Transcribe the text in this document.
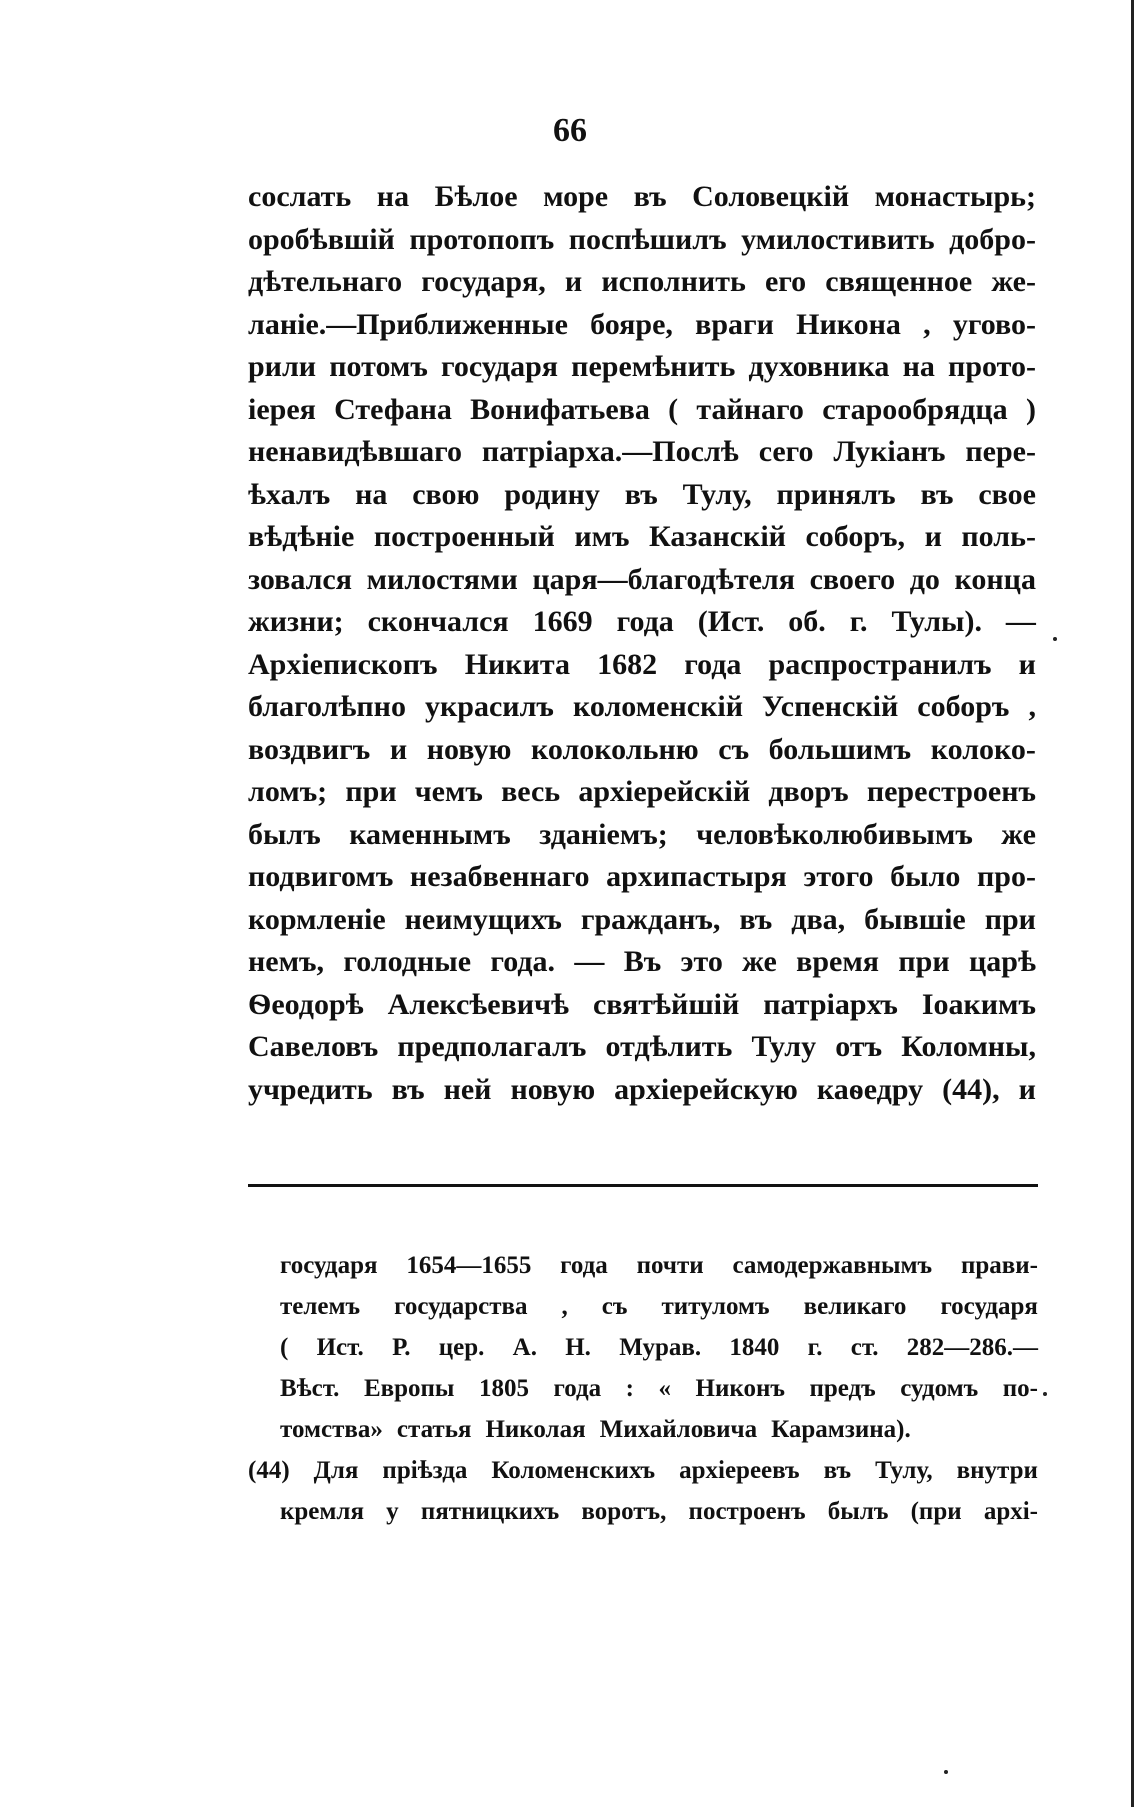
66
сослать на Бѣлое море въ Соловецкій монастырь;
оробѣвшій протопопъ поспѣшилъ умилостивить добро-
дѣтельнаго государя, и исполнить его священное же-
ланіе.—Приближенные бояре, враги Никона , угово-
рили потомъ государя перемѣнить духовника на прото-
іерея Стефана Вонифатьева ( тайнаго старообрядца )
ненавидѣвшаго патріарха.—Послѣ сего Лукіанъ пере-
ѣхалъ на свою родину въ Тулу, принялъ въ свое
вѣдѣніе построенный имъ Казанскій соборъ, и поль-
зовался милостями царя—благодѣтеля своего до конца
жизни; скончался 1669 года (Ист. об. г. Тулы). —
Архіепископъ Никита 1682 года распространилъ и
благолѣпно украсилъ коломенскій Успенскій соборъ ,
воздвигъ и новую колокольню съ большимъ колоко-
ломъ; при чемъ весь архіерейскій дворъ перестроенъ
былъ каменнымъ зданіемъ; человѣколюбивымъ же
подвигомъ незабвеннаго архипастыря этого было про-
кормленіе неимущихъ гражданъ, въ два, бывшіе при
немъ, голодные года. — Въ это же время при царѣ
Ѳеодорѣ Алексѣевичѣ святѣйшій патріархъ Іоакимъ
Савеловъ предполагалъ отдѣлить Тулу отъ Коломны,
учредить въ ней новую архіерейскую каѳедру (44), и
государя 1654—1655 года почти самодержавнымъ прави-
телемъ государства , съ титуломъ великаго государя
( Ист. Р. цер. А. Н. Мурав. 1840 г. ст. 282—286.—
Вѣст. Европы 1805 года : « Никонъ предъ судомъ по-
томства» статья Николая Михайловича Карамзина).
(44) Для пріѣзда Коломенскихъ архіереевъ въ Тулу, внутри
кремля у пятницкихъ воротъ, построенъ былъ (при архі-
